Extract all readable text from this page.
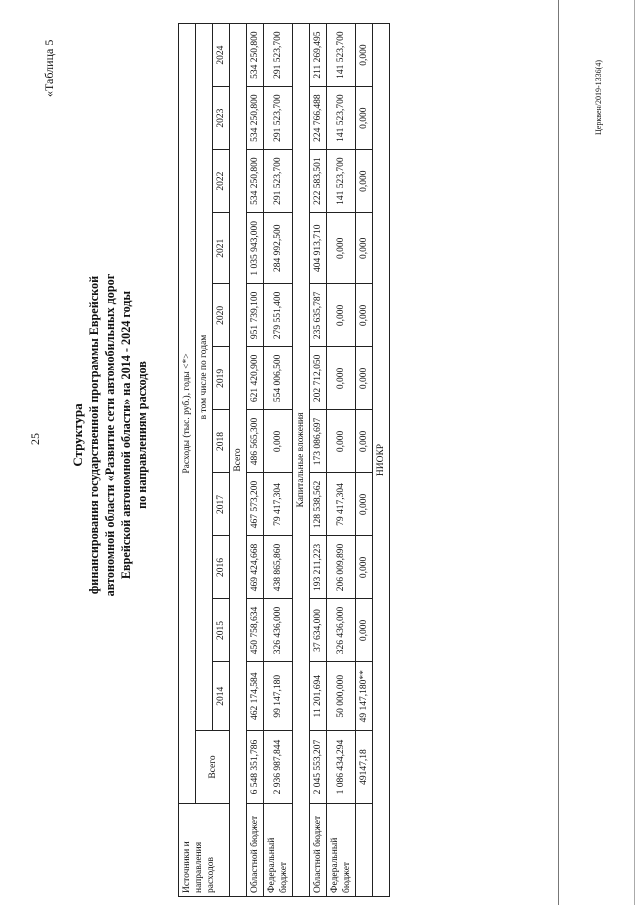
25
«Таблица 5
Структура финансирования государственной программы Еврейской автономной области «Развитие сети автомобильных дорог Еврейской автономной области» на 2014 - 2024 годы по направлениям расходов
Источники и направления расходов	Расходы (тыс. руб.), годы <*>											
	Всего	в том числе по годам										
		2014	2015	2016	2017	2018	2019	2020	2021	2022	2023	2024
Всего												
Областной бюджет	6 548 351,786	462 174,584	450 758,634	469 424,668	467 573,200	486 565,300	621 420,900	951 739,100	1 035 943,000	534 250,800	534 250,800	534 250,800
Федеральный бюджет	2 936 987,844	99 147,180	326 436,000	438 865,860	79 417,304	0,000	554 006,500	279 551,400	284 992,500	291 523,700	291 523,700	291 523,700
Капитальные вложения												
Областной бюджет	2 045 553,207	11 201,694	37 634,000	193 211,223	128 538,562	173 086,697	202 712,050	235 635,787	404 913,710	222 583,501	224 766,488	211 269,495
Федеральный бюджет	1 086 434,294	50 000,000	326 436,000	206 009,890	79 417,304	0,000	0,000	0,000	0,000	141 523,700	141 523,700	141 523,700
	49147,18	49 147,180**	0,000	0,000	0,000	0,000	0,000	0,000	0,000	0,000	0,000	0,000
НИОКР												
Церквен/2019-1336(4)
